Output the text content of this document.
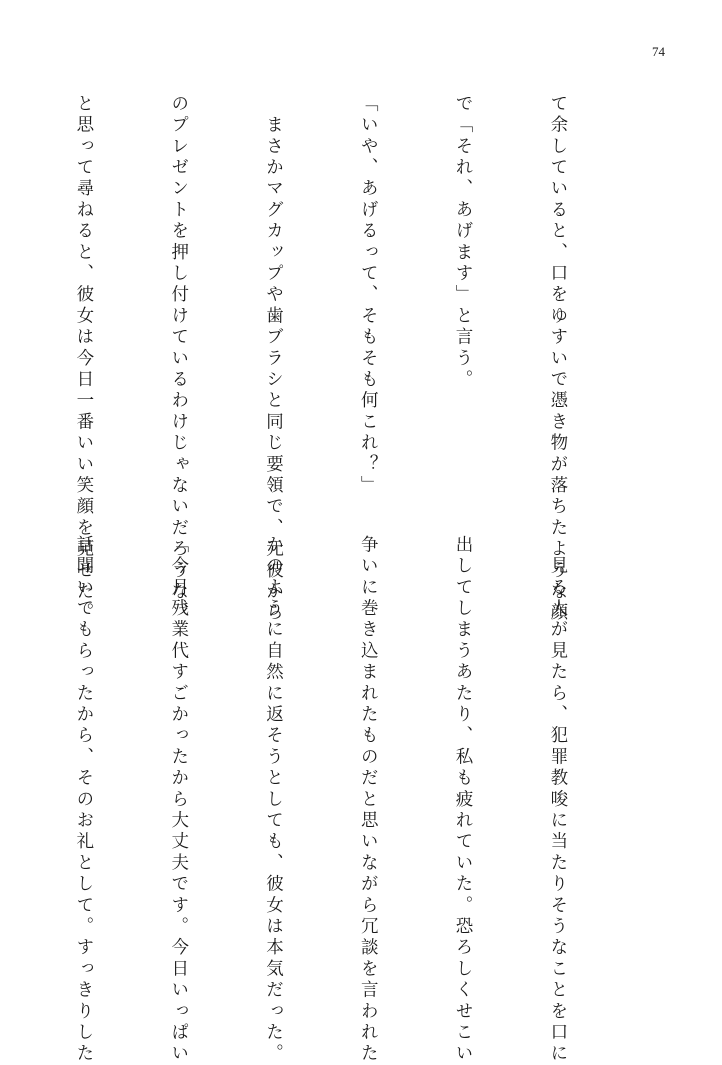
74

て余していると、口をゆすいで憑き物が落ちたような顔

で「それ、あげます」と言う。

「いや、あげるって、そもそも何これ？」

　まさかマグカップや歯ブラシと同じ要領で、元彼から

のプレゼントを押し付けているわけじゃないだろうな、

と思って尋ねると、彼女は今日一番いい笑顔を見せた。

　見る人が見たら、犯罪教唆に当たりそうなことを口に

出してしまうあたり、私も疲れていた。恐ろしくせこい

争いに巻き込まれたものだと思いながら冗談を言われた

かのように自然に返そうとしても、彼女は本気だった。

「今月残業代すごかったから大丈夫です。今日いっぱい

話聞いてもらったから、そのお礼として。すっきりした
